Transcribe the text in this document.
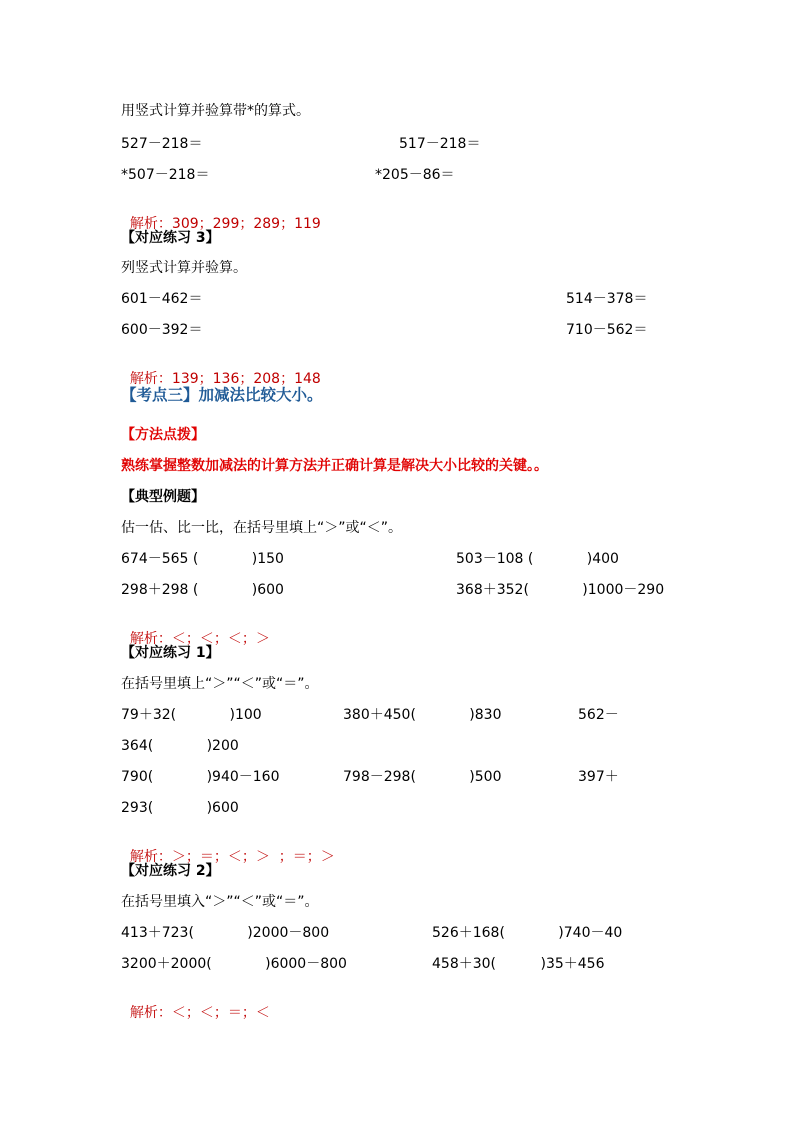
用竖式计算并验算带*的算式。
527－218＝	517－218＝
*507－218＝	*205－86＝

解析：309；299；289；119

【对应练习 3】
列竖式计算并验算。
601－462＝	514－378＝
600－392＝	710－562＝

解析：139；136；208；148

【考点三】加减法比较大小。
【方法点拨】
熟练掌握整数加减法的计算方法并正确计算是解决大小比较的关键。。
【典型例题】
估一估、比一比，在括号里填上“＞”或“＜”。
674－565 (            )150	503－108 (            )400
298＋298 (            )600	368＋352(            )1000－290

解析：＜；＜；＜；＞

【对应练习 1】
在括号里填上“＞”“＜”或“＝”。
79＋32(            )100	380＋450(            )830	562－
364(            )200
790(            )940－160	798－298(            )500	397＋
293(            )600

解析：＞；＝；＜；＞  ；＝；＞

【对应练习 2】
在括号里填入“＞”“＜”或“＝”。
413＋723(            )2000－800	526＋168(            )740－40
3200＋2000(            )6000－800	458＋30(          )35＋456

解析：＜；＜；＝；＜
